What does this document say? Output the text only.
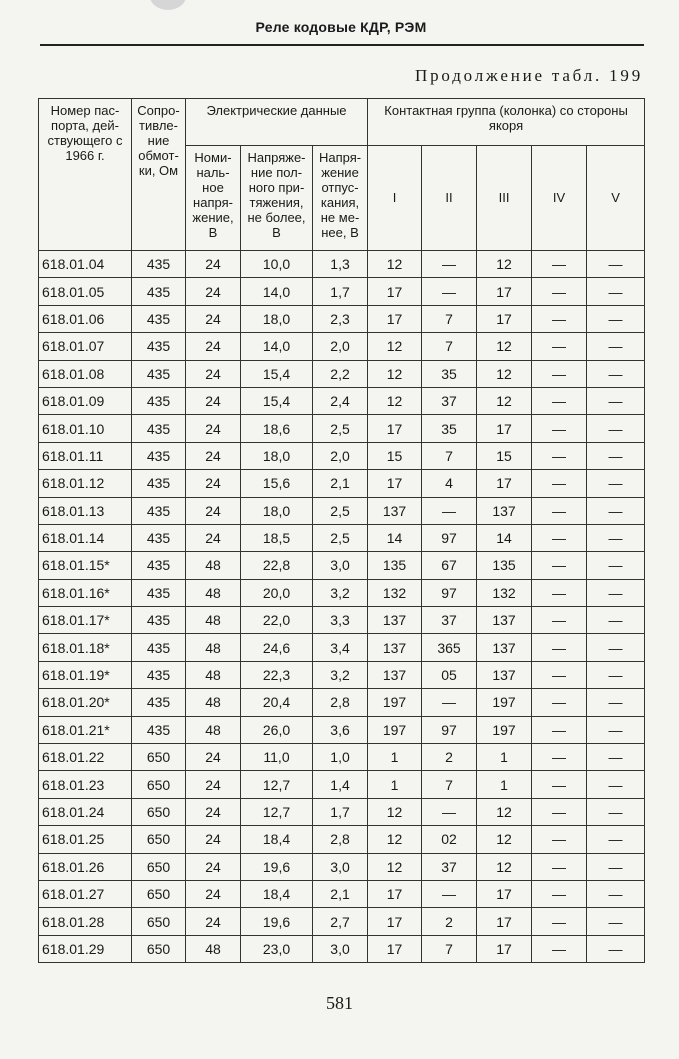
Реле кодовые КДР, РЭМ
Продолжение табл. 199
Номер пас-порта, дей-ствующего с 1966 г.	Сопро-тивле-ние обмот-ки, Ом	Электрические данные			Контактная группа (колонка) со стороны якоря				
		Номи-наль-ное напря-жение, В	Напряже-ние пол-ного при-тяжения, не более, В	Напря-жение отпус-кания, не ме-нее, В	I	II	III	IV	V
618.01.04	435	24	10,0	1,3	12	—	12	—	—
618.01.05	435	24	14,0	1,7	17	—	17	—	—
618.01.06	435	24	18,0	2,3	17	7	17	—	—
618.01.07	435	24	14,0	2,0	12	7	12	—	—
618.01.08	435	24	15,4	2,2	12	35	12	—	—
618.01.09	435	24	15,4	2,4	12	37	12	—	—
618.01.10	435	24	18,6	2,5	17	35	17	—	—
618.01.11	435	24	18,0	2,0	15	7	15	—	—
618.01.12	435	24	15,6	2,1	17	4	17	—	—
618.01.13	435	24	18,0	2,5	137	—	137	—	—
618.01.14	435	24	18,5	2,5	14	97	14	—	—
618.01.15*	435	48	22,8	3,0	135	67	135	—	—
618.01.16*	435	48	20,0	3,2	132	97	132	—	—
618.01.17*	435	48	22,0	3,3	137	37	137	—	—
618.01.18*	435	48	24,6	3,4	137	365	137	—	—
618.01.19*	435	48	22,3	3,2	137	05	137	—	—
618.01.20*	435	48	20,4	2,8	197	—	197	—	—
618.01.21*	435	48	26,0	3,6	197	97	197	—	—
618.01.22	650	24	11,0	1,0	1	2	1	—	—
618.01.23	650	24	12,7	1,4	1	7	1	—	—
618.01.24	650	24	12,7	1,7	12	—	12	—	—
618.01.25	650	24	18,4	2,8	12	02	12	—	—
618.01.26	650	24	19,6	3,0	12	37	12	—	—
618.01.27	650	24	18,4	2,1	17	—	17	—	—
618.01.28	650	24	19,6	2,7	17	2	17	—	—
618.01.29	650	48	23,0	3,0	17	7	17	—	—
581
